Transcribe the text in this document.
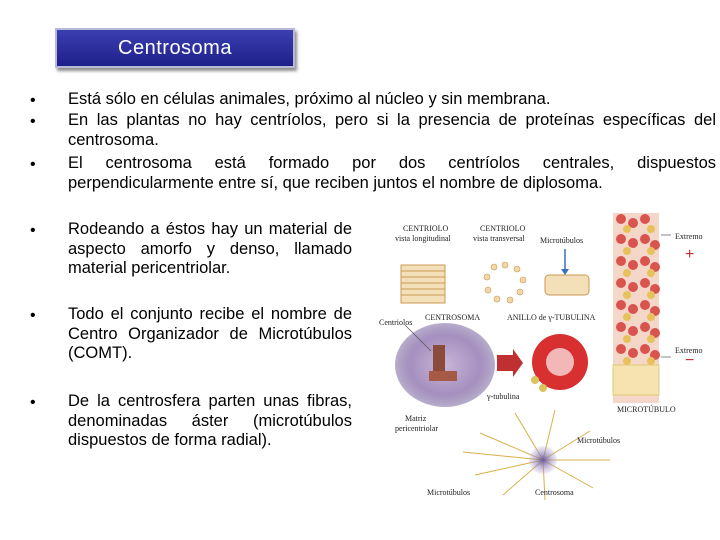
Centrosoma
• Está sólo en células animales, próximo al núcleo y sin membrana.
• En las plantas no hay centríolos, pero si la presencia de proteínas específicas del centrosoma.
• El centrosoma está formado por dos centríolos centrales, dispuestos perpendicularmente entre sí, que reciben juntos el nombre de diplosoma.
• Rodeando a éstos hay un material de aspecto amorfo y denso, llamado material pericentriolar.
• Todo el conjunto recibe el nombre de Centro Organizador de Microtúbulos (COMT).
• De la centrosfera parten unas fibras, denominadas áster (microtúbulos dispuestos de forma radial).
CENTRIOLO
vista longitudinal
CENTRIOLO
vista transversal Microtúbulos
Centriolos
CENTROSOMA	ANILLO de γ-TUBULINA
γ-tubulina
Matriz
pericentriolar
Extremo
+
Extremo
−
MICROTÚBULO
Microtúbulos
Microtúbulos	Centrosoma
